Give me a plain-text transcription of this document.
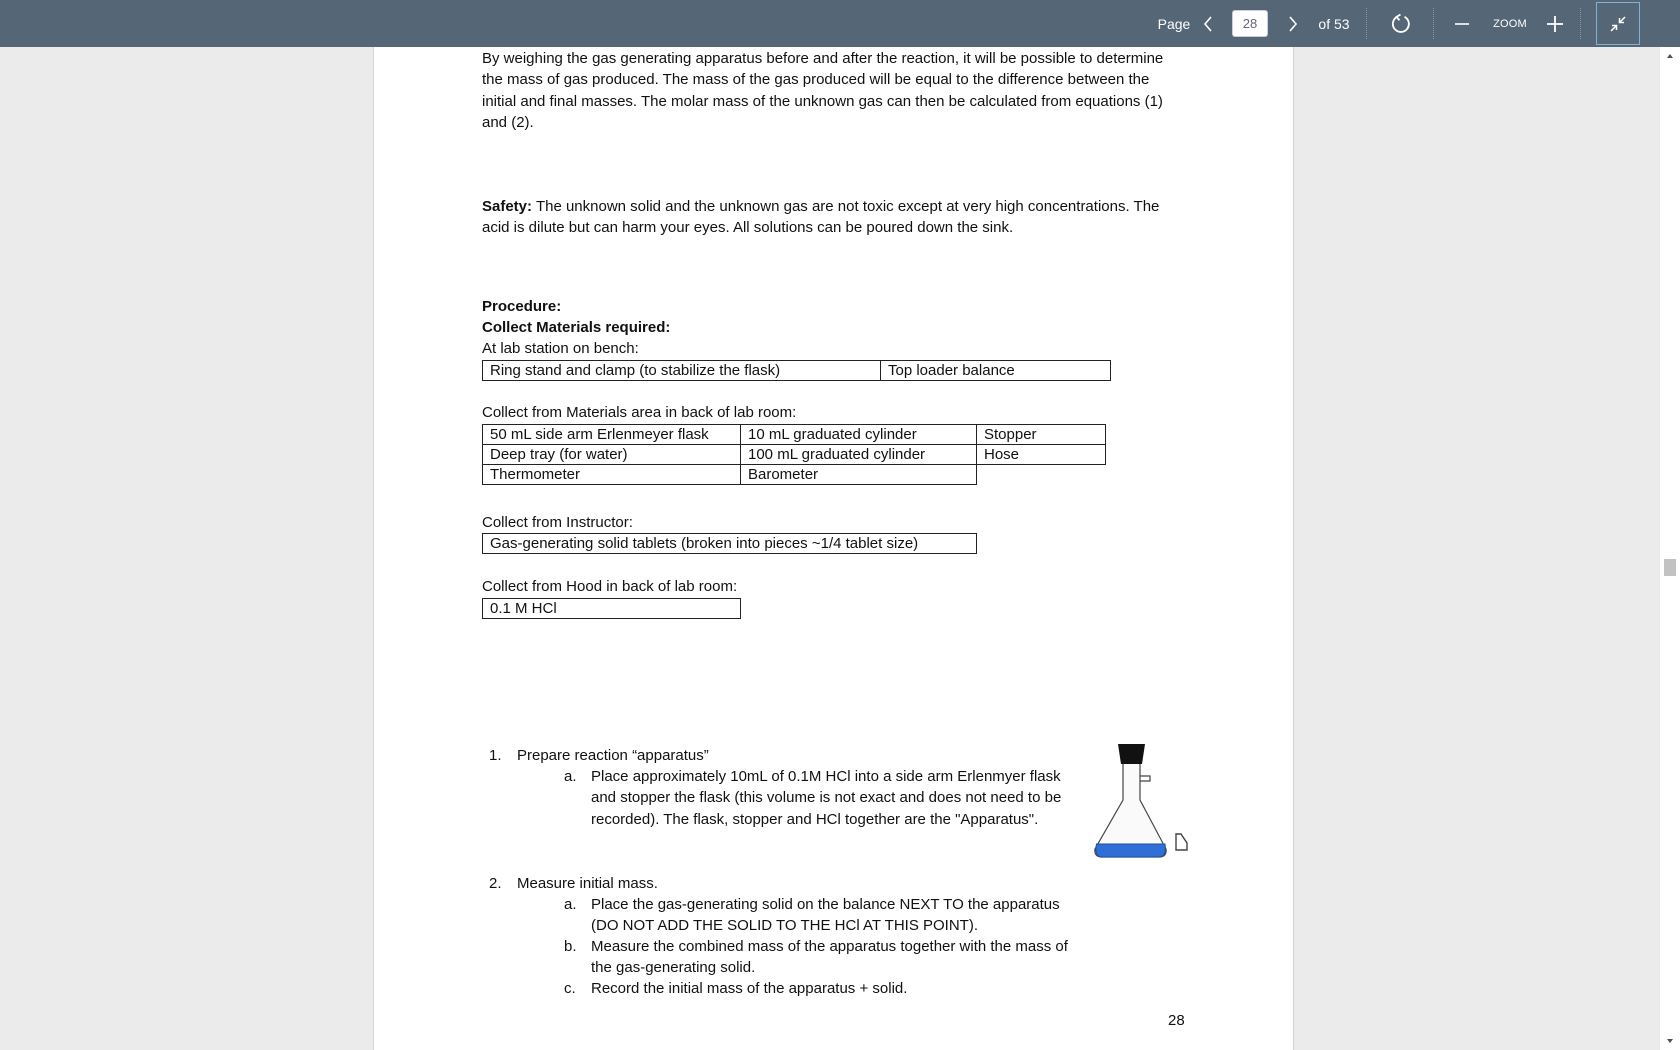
Page
28	of 53	ZOOM

By weighing the gas generating apparatus before and after the reaction, it will be possible to determine the mass of gas produced. The mass of the gas produced will be equal to the difference between the initial and final masses. The molar mass of the unknown gas can then be calculated from equations (1) and (2).

Safety: The unknown solid and the unknown gas are not toxic except at very high concentrations. The acid is dilute but can harm your eyes. All solutions can be poured down the sink.

Procedure:
Collect Materials required:
At lab station on bench:
Ring stand and clamp (to stabilize the flask)	Top loader balance
Collect from Materials area in back of lab room:
50 mL side arm Erlenmeyer flask	10 mL graduated cylinder	Stopper
Deep tray (for water)	100 mL graduated cylinder	Hose
Thermometer	Barometer	
Collect from Instructor:
Gas-generating solid tablets (broken into pieces ~1/4 tablet size)
Collect from Hood in back of lab room:
0.1 M HCl
1. Prepare reaction “apparatus”
a. Place approximately 10mL of 0.1M HCl into a side arm Erlenmyer flask and stopper the flask (this volume is not exact and does not need to be recorded). The flask, stopper and HCl together are the "Apparatus".
2. Measure initial mass.
a. Place the gas-generating solid on the balance NEXT TO the apparatus (DO NOT ADD THE SOLID TO THE HCl AT THIS POINT).
b. Measure the combined mass of the apparatus together with the mass of the gas-generating solid.
c. Record the initial mass of the apparatus + solid.
28
